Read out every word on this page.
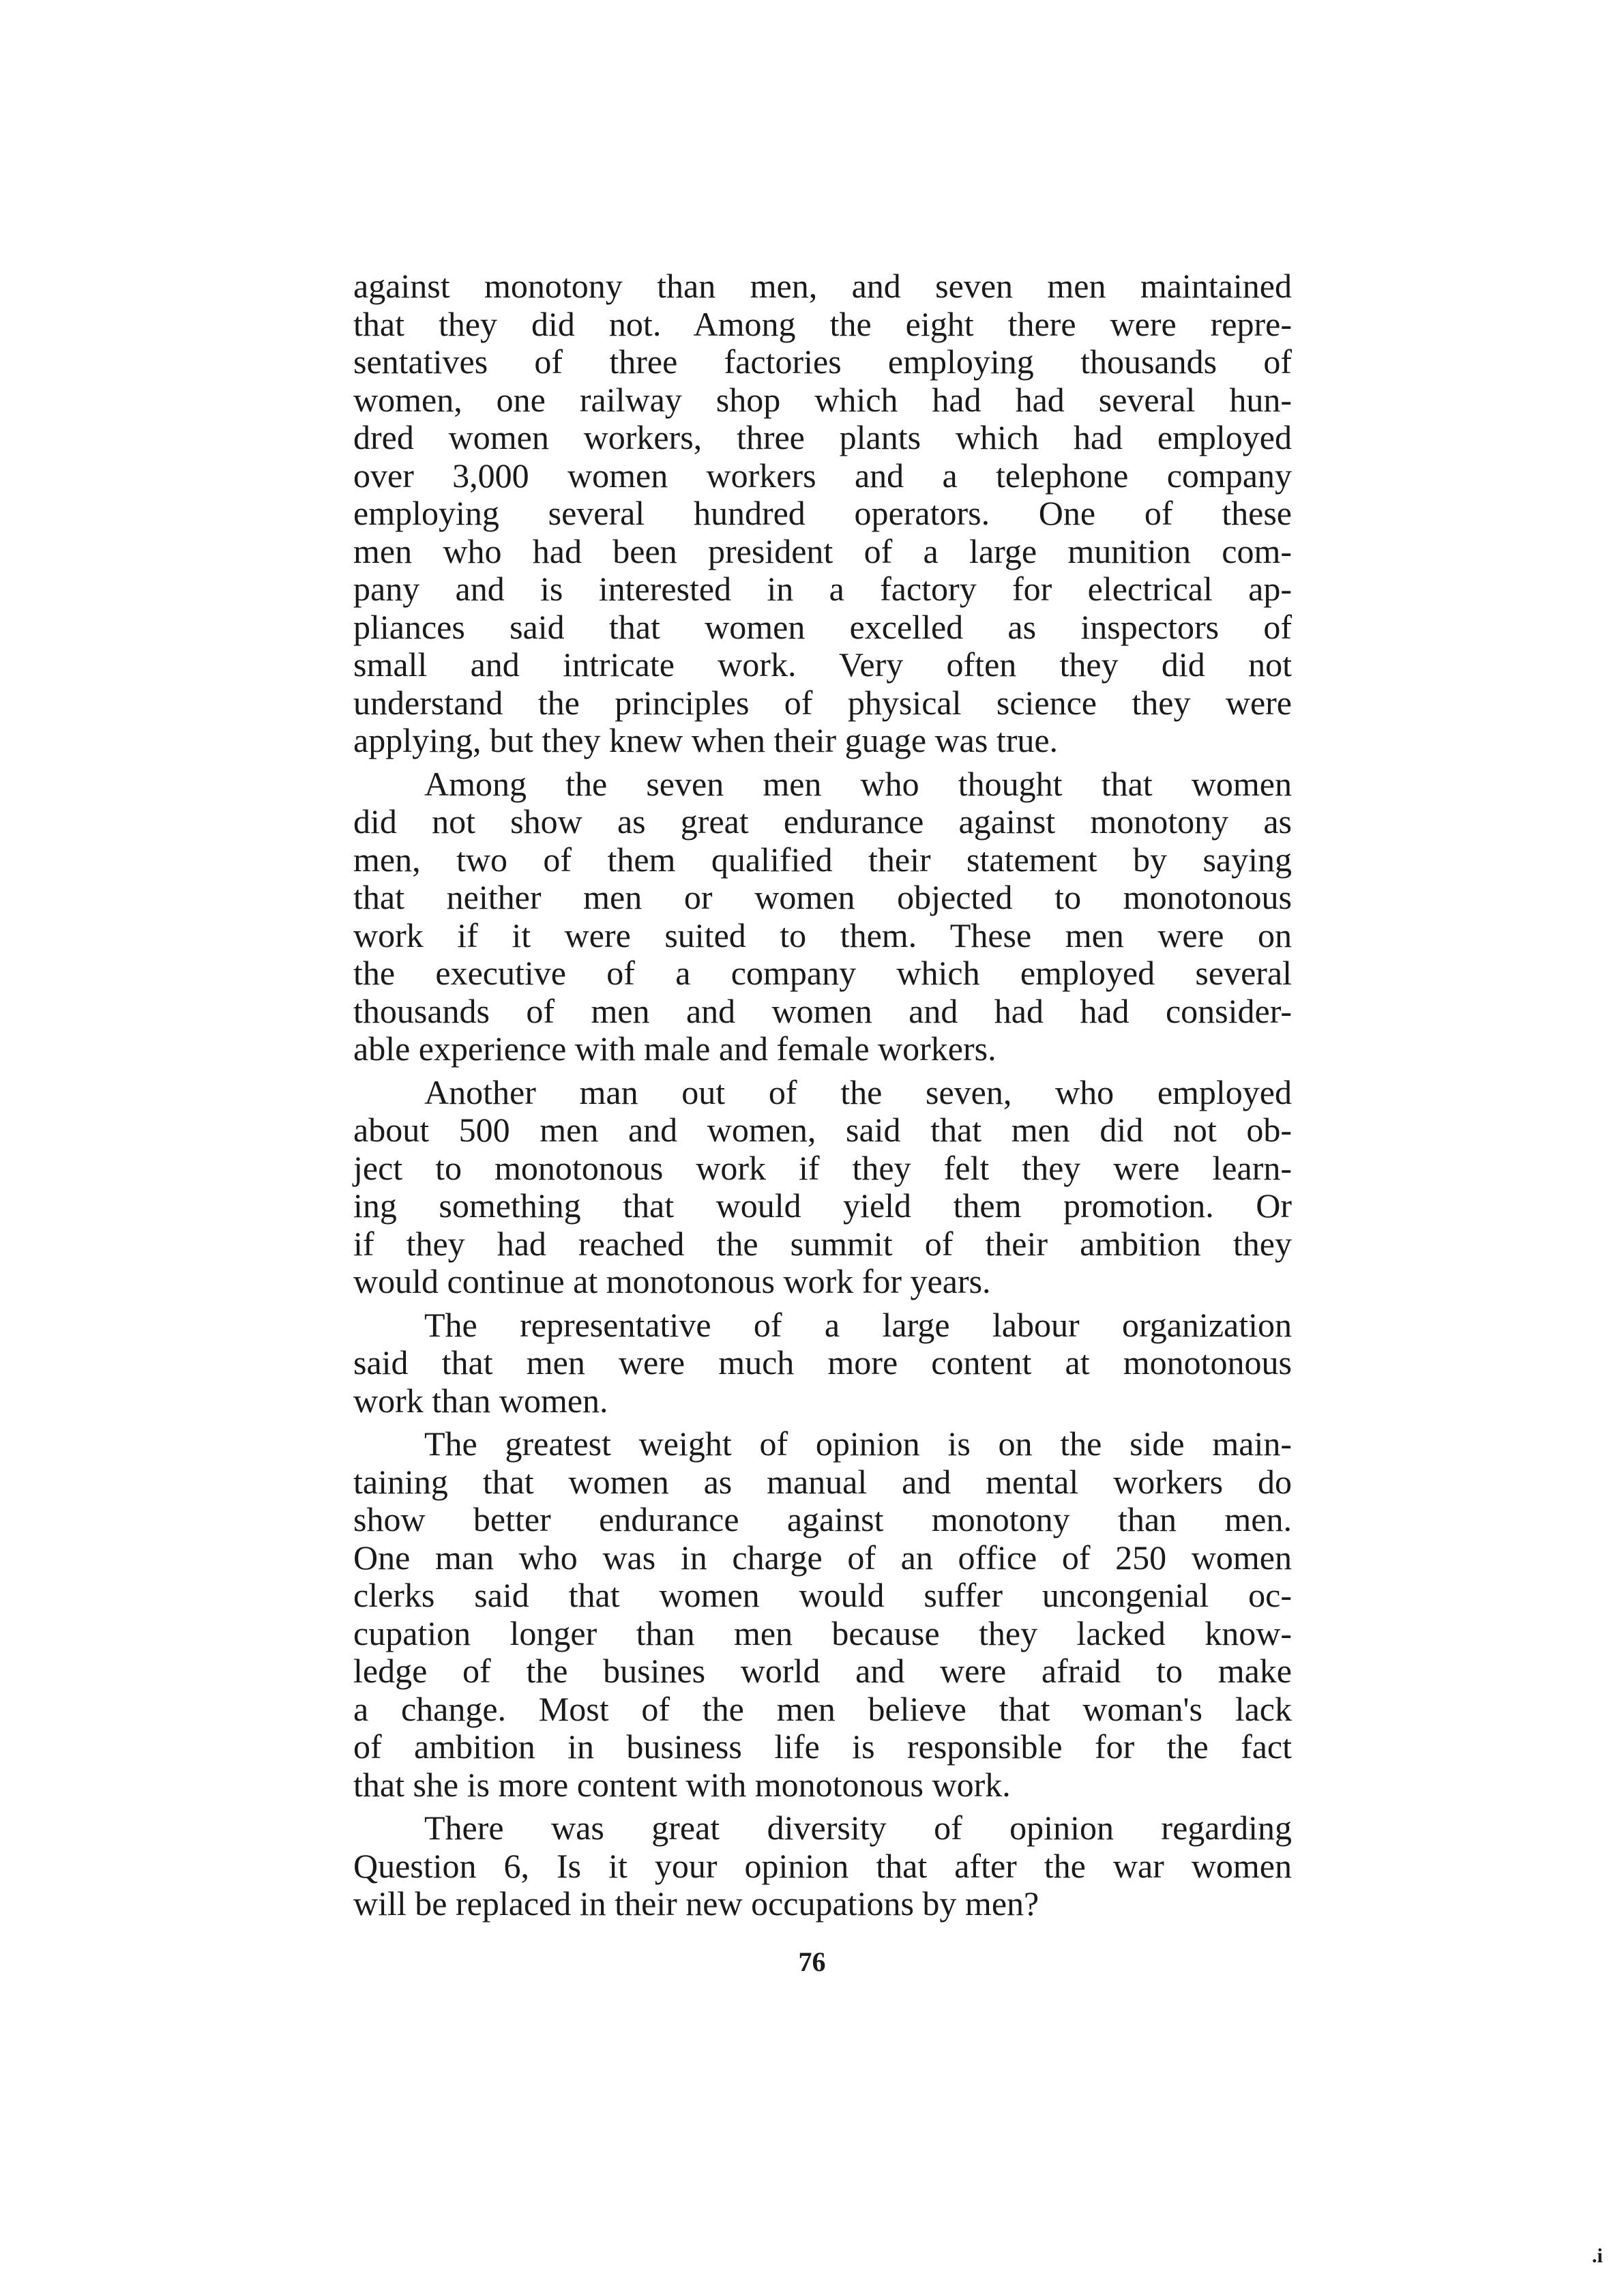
against monotony than men, and seven men maintained
that they did not. Among the eight there were repre-
sentatives of three factories employing thousands of
women, one railway shop which had had several hun-
dred women workers, three plants which had employed
over 3,000 women workers and a telephone company
employing several hundred operators. One of these
men who had been president of a large munition com-
pany and is interested in a factory for electrical ap-
pliances said that women excelled as inspectors of
small and intricate work. Very often they did not
understand the principles of physical science they were
applying, but they knew when their guage was true.
Among the seven men who thought that women
did not show as great endurance against monotony as
men, two of them qualified their statement by saying
that neither men or women objected to monotonous
work if it were suited to them. These men were on
the executive of a company which employed several
thousands of men and women and had had consider-
able experience with male and female workers.
Another man out of the seven, who employed
about 500 men and women, said that men did not ob-
ject to monotonous work if they felt they were learn-
ing something that would yield them promotion. Or
if they had reached the summit of their ambition they
would continue at monotonous work for years.
The representative of a large labour organization
said that men were much more content at monotonous
work than women.
The greatest weight of opinion is on the side main-
taining that women as manual and mental workers do
show better endurance against monotony than men.
One man who was in charge of an office of 250 women
clerks said that women would suffer uncongenial oc-
cupation longer than men because they lacked know-
ledge of the busines world and were afraid to make
a change. Most of the men believe that woman's lack
of ambition in business life is responsible for the fact
that she is more content with monotonous work.
There was great diversity of opinion regarding
Question 6, Is it your opinion that after the war women
will be replaced in their new occupations by men?
76
.i
